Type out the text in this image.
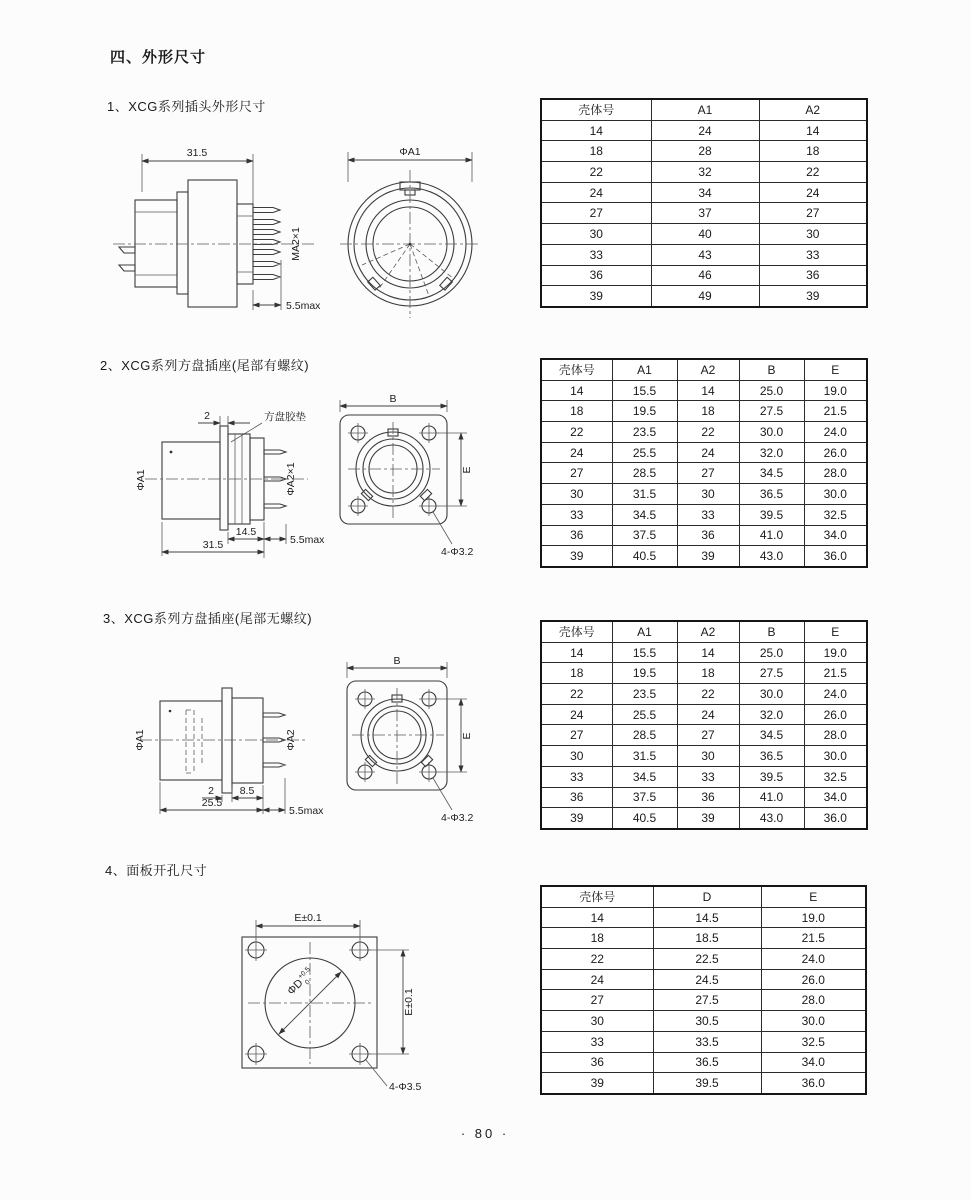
四、外形尺寸
1、XCG系列插头外形尺寸
31.5
MA2×1
5.5max
ΦA1
壳体号	A1	A2
14	24	14
18	28	18
22	32	22
24	34	24
27	37	27
30	40	30
33	43	33
36	46	36
39	49	39
2、XCG系列方盘插座(尾部有螺纹)
2	方盘胶垫
ΦA1	ΦA2×1
14.5
5.5max
31.5
B
E
4-Φ3.2
壳体号	A1	A2	B	E
14	15.5	14	25.0	19.0
18	19.5	18	27.5	21.5
22	23.5	22	30.0	24.0
24	25.5	24	32.0	26.0
27	28.5	27	34.5	28.0
30	31.5	30	36.5	30.0
33	34.5	33	39.5	32.5
36	37.5	36	41.0	34.0
39	40.5	39	43.0	36.0
3、XCG系列方盘插座(尾部无螺纹)
ΦA1	ΦA2
2 8.5
25.5
5.5max
B
E
4-Φ3.2
壳体号	A1	A2	B	E
14	15.5	14	25.0	19.0
18	19.5	18	27.5	21.5
22	23.5	22	30.0	24.0
24	25.5	24	32.0	26.0
27	28.5	27	34.5	28.0
30	31.5	30	36.5	30.0
33	34.5	33	39.5	32.5
36	37.5	36	41.0	34.0
39	40.5	39	43.0	36.0
4、面板开孔尺寸
E±0.1
E±0.1
$\Phi D^{+0.5}0$
4-Φ3.5
壳体号	D	E
14	14.5	19.0
18	18.5	21.5
22	22.5	24.0
24	24.5	26.0
27	27.5	28.0
30	30.5	30.0
33	33.5	32.5
36	36.5	34.0
39	39.5	36.0
· 80 ·
